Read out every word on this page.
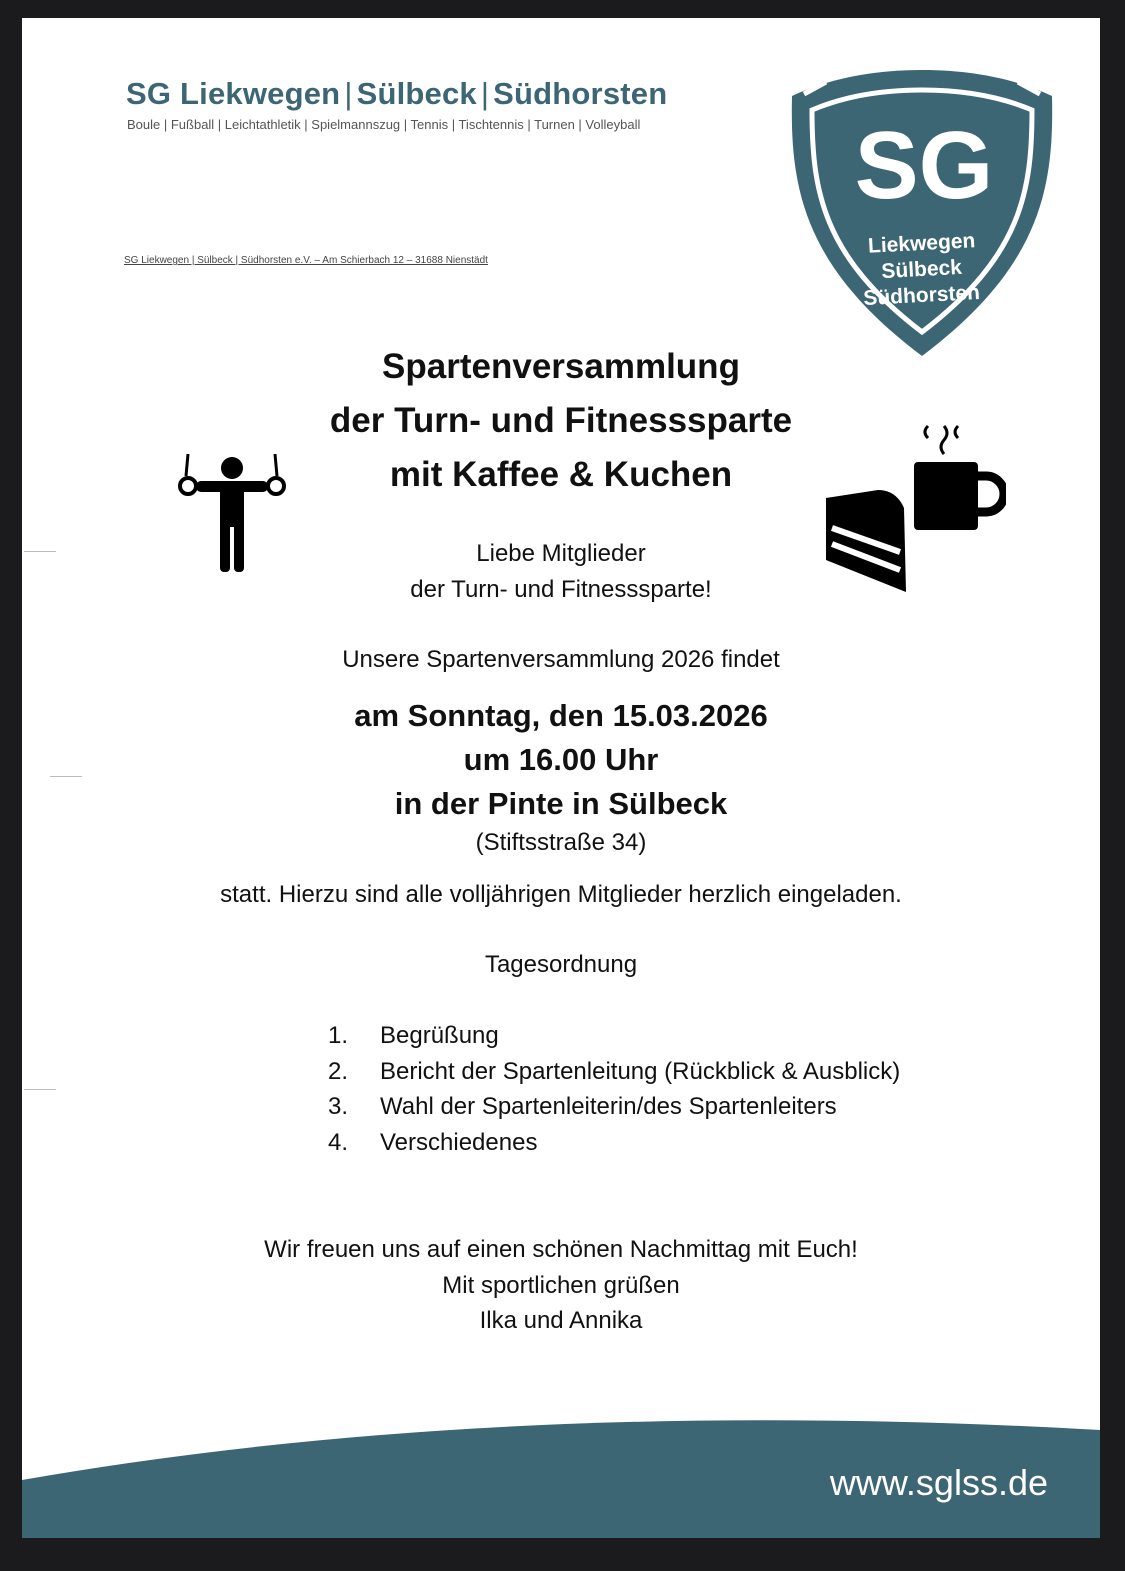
SG Liekwegen | Sülbeck | Südhorsten
Boule | Fußball | Leichtathletik | Spielmannszug | Tennis | Tischtennis | Turnen | Volleyball
SG Liekwegen | Sülbeck | Südhorsten e.V. – Am Schierbach 12 – 31688 Nienstädt
SG
Liekwegen
Sülbeck
Südhorsten
Spartenversammlung
der Turn- und Fitnesssparte
mit Kaffee & Kuchen
Liebe Mitglieder
der Turn- und Fitnesssparte!
Unsere Spartenversammlung 2026 findet
am Sonntag, den 15.03.2026
um 16.00 Uhr
in der Pinte in Sülbeck
(Stiftsstraße 34)
statt. Hierzu sind alle volljährigen Mitglieder herzlich eingeladen.
Tagesordnung
1. Begrüßung
2. Bericht der Spartenleitung (Rückblick & Ausblick)
3. Wahl der Spartenleiterin/des Spartenleiters
4. Verschiedenes
Wir freuen uns auf einen schönen Nachmittag mit Euch!
Mit sportlichen grüßen
Ilka und Annika
www.sglss.de
